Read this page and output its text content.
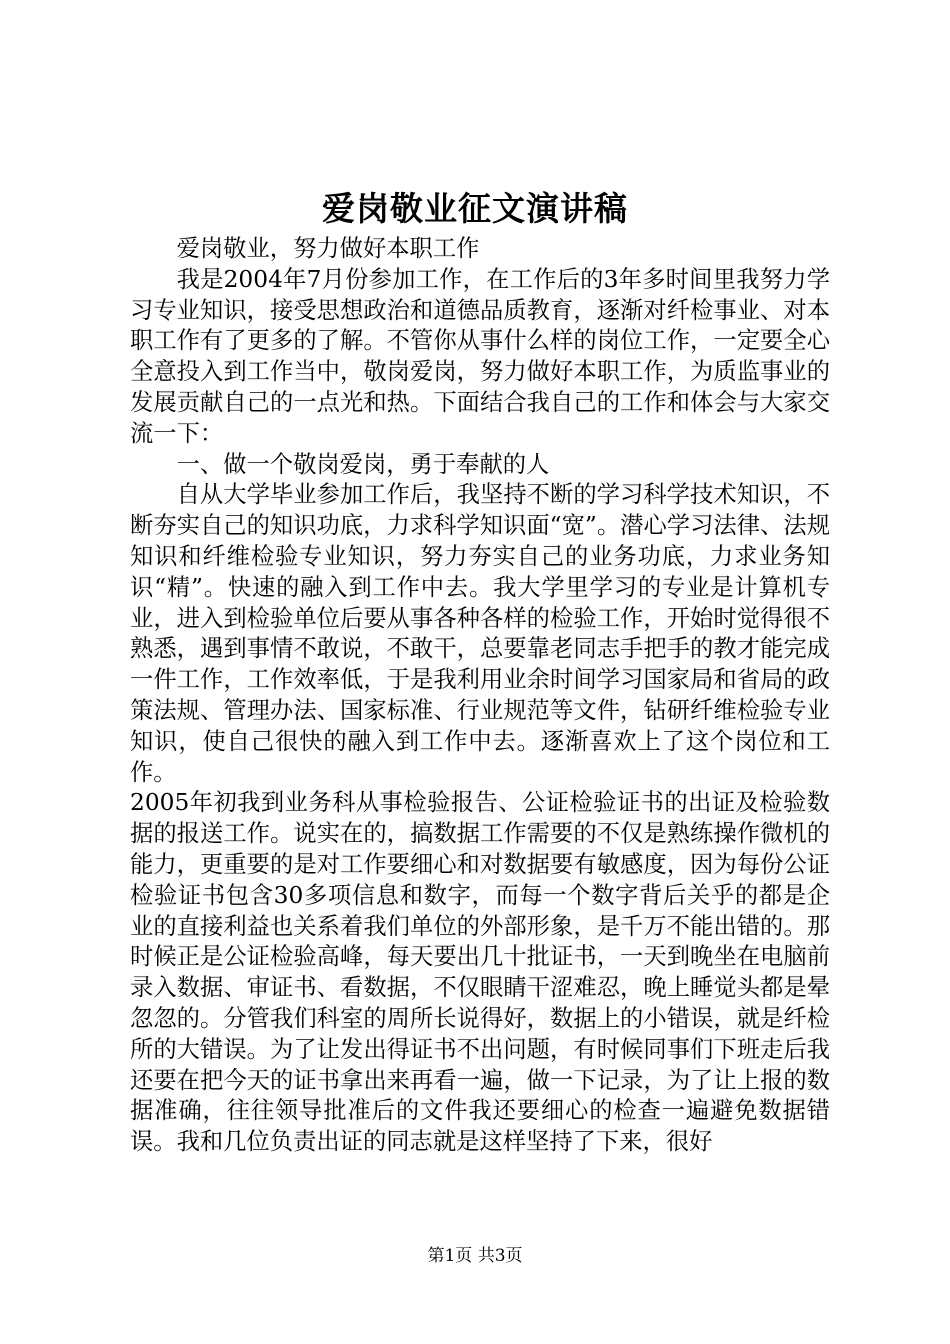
爱岗敬业征文演讲稿

爱岗敬业，努力做好本职工作

我是2004年7月份参加工作，在工作后的3年多时间里我努力学习专业知识，接受思想政治和道德品质教育，逐渐对纤检事业、对本职工作有了更多的了解。不管你从事什么样的岗位工作，一定要全心全意投入到工作当中，敬岗爱岗，努力做好本职工作，为质监事业的发展贡献自己的一点光和热。下面结合我自己的工作和体会与大家交流一下：

一、做一个敬岗爱岗，勇于奉献的人

自从大学毕业参加工作后，我坚持不断的学习科学技术知识，不断夯实自己的知识功底，力求科学知识面“宽”。潜心学习法律、法规知识和纤维检验专业知识，努力夯实自己的业务功底，力求业务知识“精”。快速的融入到工作中去。我大学里学习的专业是计算机专业，进入到检验单位后要从事各种各样的检验工作，开始时觉得很不熟悉，遇到事情不敢说，不敢干，总要靠老同志手把手的教才能完成一件工作，工作效率低，于是我利用业余时间学习国家局和省局的政策法规、管理办法、国家标准、行业规范等文件，钻研纤维检验专业知识，使自己很快的融入到工作中去。逐渐喜欢上了这个岗位和工作。

2005年初我到业务科从事检验报告、公证检验证书的出证及检验数据的报送工作。说实在的，搞数据工作需要的不仅是熟练操作微机的能力，更重要的是对工作要细心和对数据要有敏感度，因为每份公证检验证书包含30多项信息和数字，而每一个数字背后关乎的都是企业的直接利益也关系着我们单位的外部形象，是千万不能出错的。那时候正是公证检验高峰，每天要出几十批证书，一天到晚坐在电脑前录入数据、审证书、看数据，不仅眼睛干涩难忍，晚上睡觉头都是晕忽忽的。分管我们科室的周所长说得好，数据上的小错误，就是纤检所的大错误。为了让发出得证书不出问题，有时候同事们下班走后我还要在把今天的证书拿出来再看一遍，做一下记录，为了让上报的数据准确，往往领导批准后的文件我还要细心的检查一遍避免数据错误。我和几位负责出证的同志就是这样坚持了下来，很好

第1页 共3页
